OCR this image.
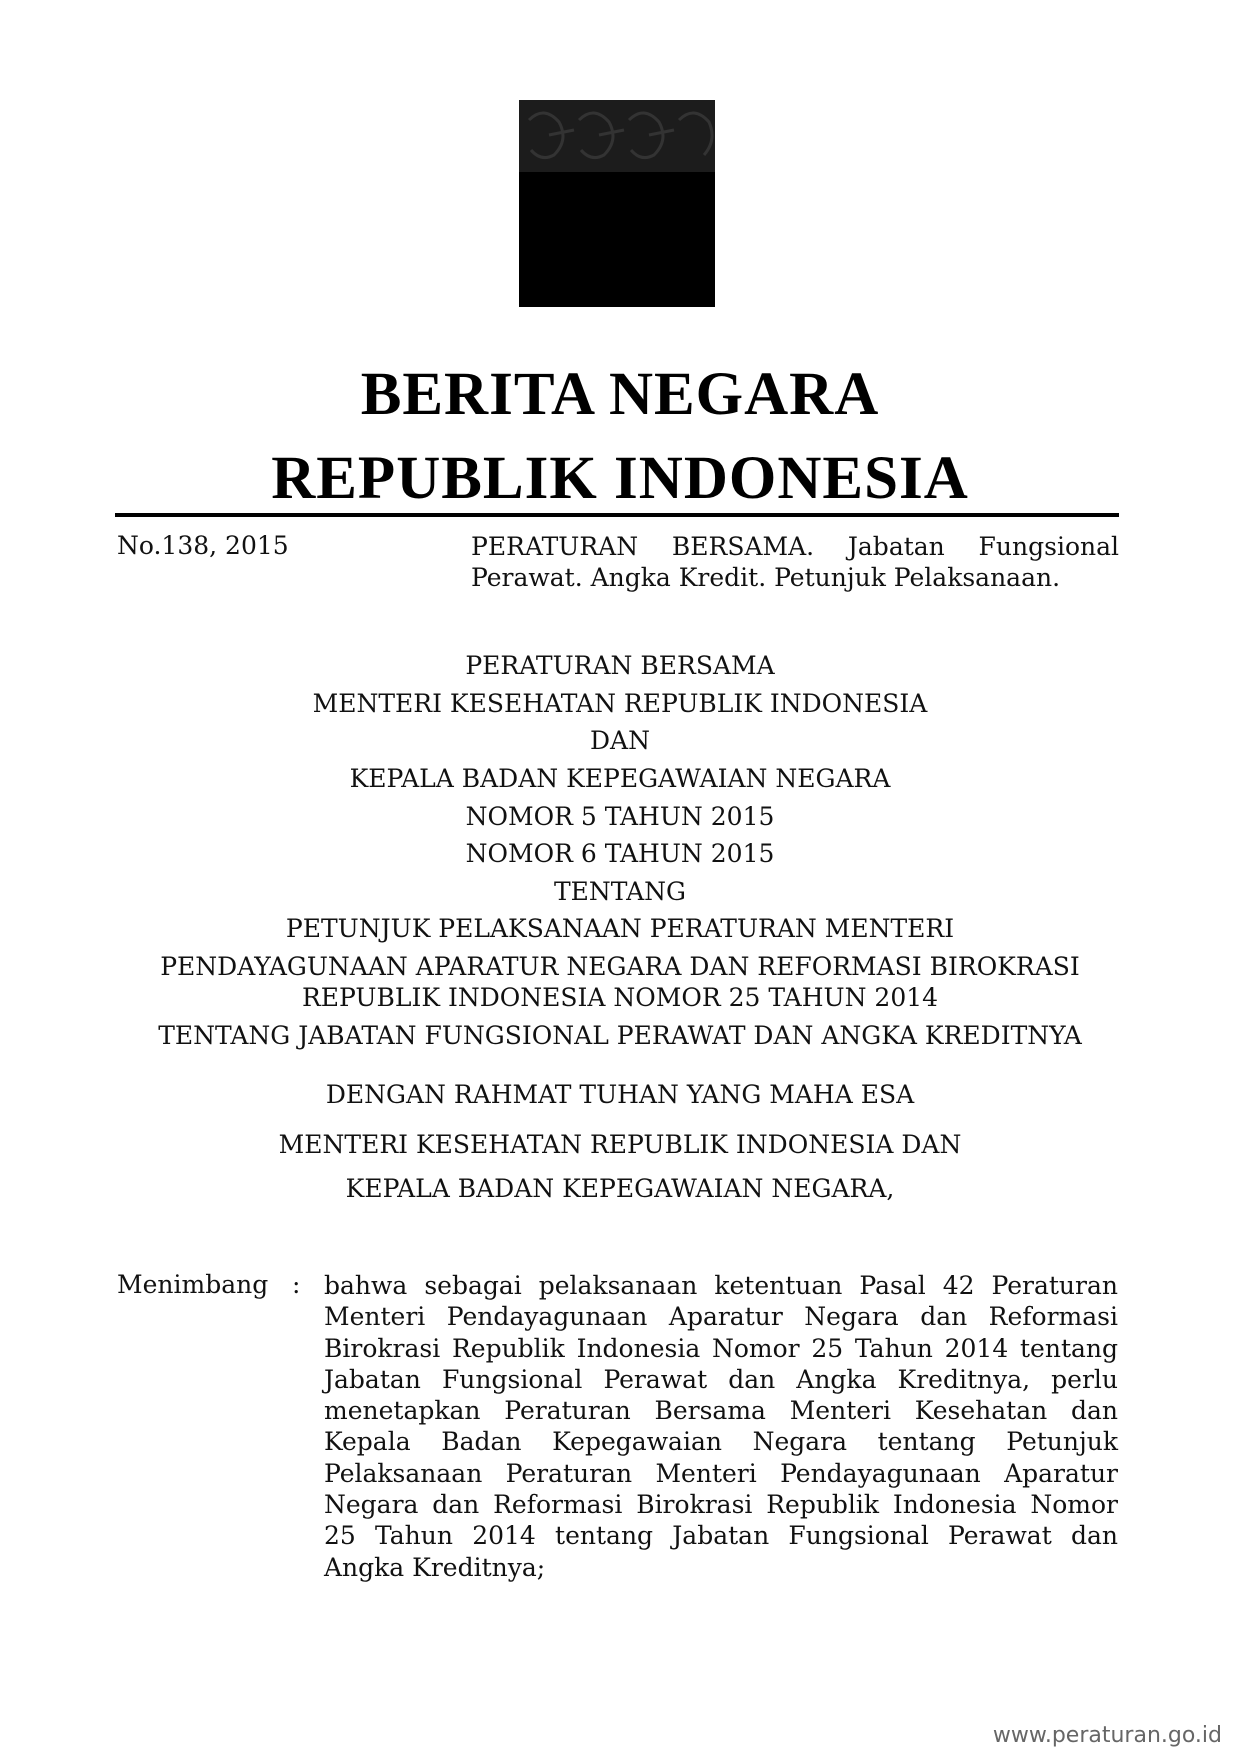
BERITA NEGARA
REPUBLIK INDONESIA
No.138, 2015	PERATURAN BERSAMA. Jabatan Fungsional Perawat. Angka Kredit. Petunjuk Pelaksanaan.
PERATURAN BERSAMA
MENTERI KESEHATAN REPUBLIK INDONESIA
DAN
KEPALA BADAN KEPEGAWAIAN NEGARA
NOMOR 5 TAHUN 2015
NOMOR 6 TAHUN 2015
TENTANG
PETUNJUK PELAKSANAAN PERATURAN MENTERI
PENDAYAGUNAAN APARATUR NEGARA DAN REFORMASI BIROKRASI
REPUBLIK INDONESIA NOMOR 25 TAHUN 2014
TENTANG JABATAN FUNGSIONAL PERAWAT DAN ANGKA KREDITNYA
DENGAN RAHMAT TUHAN YANG MAHA ESA
MENTERI KESEHATAN REPUBLIK INDONESIA DAN
KEPALA BADAN KEPEGAWAIAN NEGARA,
Menimbang : bahwa sebagai pelaksanaan ketentuan Pasal 42 Peraturan Menteri Pendayagunaan Aparatur Negara dan Reformasi Birokrasi Republik Indonesia Nomor 25 Tahun 2014 tentang Jabatan Fungsional Perawat dan Angka Kreditnya, perlu menetapkan Peraturan Bersama Menteri Kesehatan dan Kepala Badan Kepegawaian Negara tentang Petunjuk Pelaksanaan Peraturan Menteri Pendayagunaan Aparatur Negara dan Reformasi Birokrasi Republik Indonesia Nomor 25 Tahun 2014 tentang Jabatan Fungsional Perawat dan Angka Kreditnya;
www.peraturan.go.id
